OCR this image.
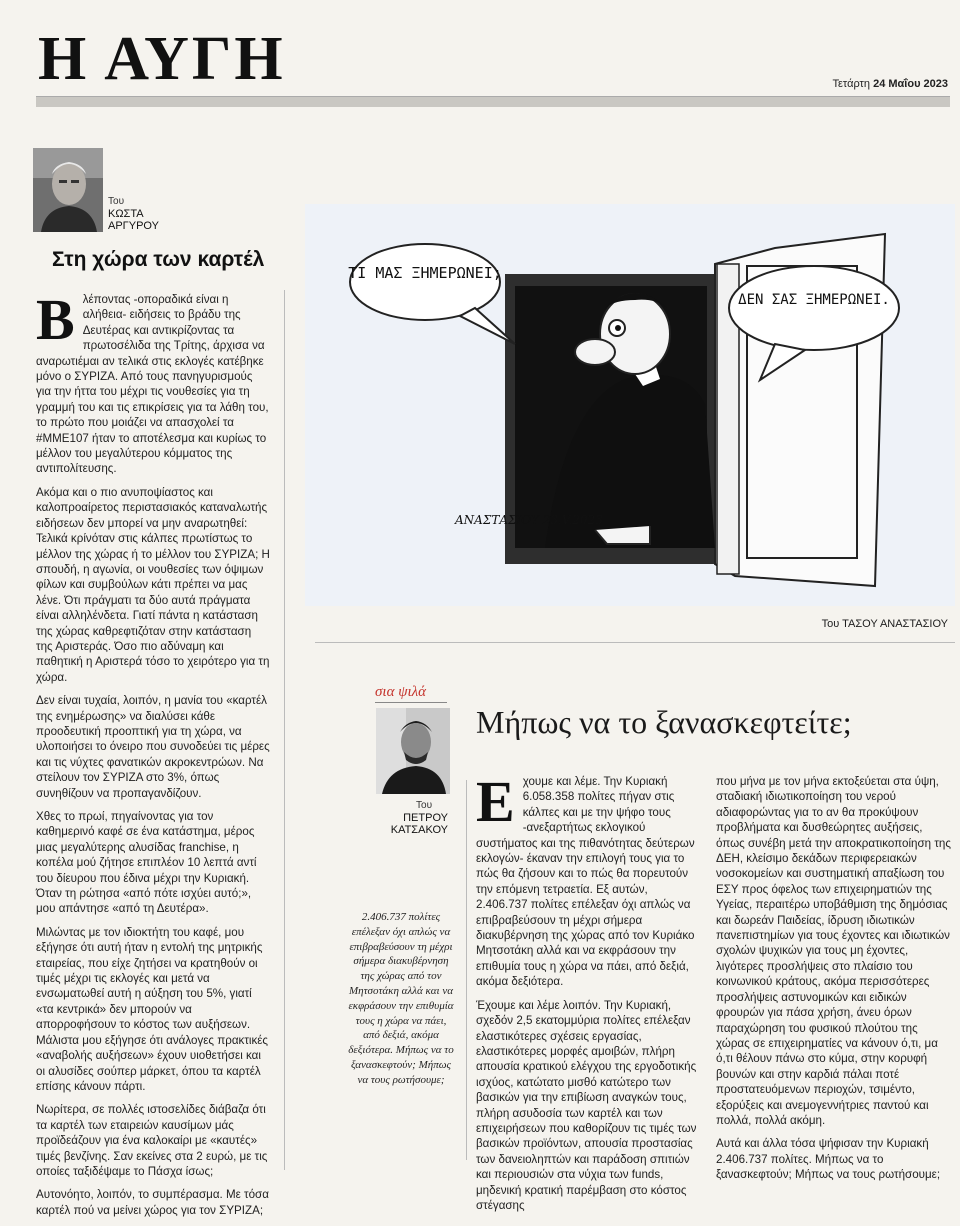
Η ΑΥΓΗ	Τετάρτη 24 Μαΐου 2023
Του
ΚΩΣΤΑ ΑΡΓΥΡΟΥ
Στη χώρα των καρτέλ

Βλέποντας -οποραδικά είναι η αλήθεια- ειδήσεις το βράδυ της Δευτέρας και αντικρίζοντας τα πρωτοσέλιδα της Τρίτης, άρχισα να αναρωτιέμαι αν τελικά στις εκλογές κατέβηκε μόνο ο ΣΥΡΙΖΑ. Από τους πανηγυρισμούς για την ήττα του μέχρι τις νουθεσίες για τη γραμμή του και τις επικρίσεις για τα λάθη του, το πρώτο που μοιάζει να απασχολεί τα #ΜΜΕ107 ήταν το αποτέλεσμα και κυρίως το μέλλον του μεγαλύτερου κόμματος της αντιπολίτευσης.

Ακόμα και ο πιο ανυποψίαστος και καλοπροαίρετος περιστασιακός καταναλωτής ειδήσεων δεν μπορεί να μην αναρωτηθεί: Τελικά κρίνόταν στις κάλπες πρωτίστως το μέλλον της χώρας ή το μέλλον του ΣΥΡΙΖΑ; Η σπουδή, η αγωνία, οι νουθεσίες των όψιμων φίλων και συμβούλων κάτι πρέπει να μας λένε. Ότι πράγματι τα δύο αυτά πράγματα είναι αλληλένδετα. Γιατί πάντα η κατάσταση της χώρας καθρεφτιζόταν στην κατάσταση της Αριστεράς. Όσο πιο αδύναμη και παθητική η Αριστερά τόσο το χειρότερο για τη χώρα.

Δεν είναι τυχαία, λοιπόν, η μανία του «καρτέλ της ενημέρωσης» να διαλύσει κάθε προοδευτική προοπτική για τη χώρα, να υλοποιήσει το όνειρο που συνοδεύει τις μέρες και τις νύχτες φανατικών ακροκεντρώων. Να στείλουν τον ΣΥΡΙΖΑ στο 3%, όπως συνηθίζουν να προπαγανδίζουν.

Χθες το πρωί, πηγαίνοντας για τον καθημερινό καφέ σε ένα κατάστημα, μέρος μιας μεγαλύτερης αλυσίδας franchise, η κοπέλα μού ζήτησε επιπλέον 10 λεπτά αντί του δίευρου που έδινα μέχρι την Κυριακή. Όταν τη ρώτησα «από πότε ισχύει αυτό;», μου απάντησε «από τη Δευτέρα».

Μιλώντας με τον ιδιοκτήτη του καφέ, μου εξήγησε ότι αυτή ήταν η εντολή της μητρικής εταιρείας, που είχε ζητήσει να κρατηθούν οι τιμές μέχρι τις εκλογές και μετά να ενσωματωθεί αυτή η αύξηση του 5%, γιατί «τα κεντρικά» δεν μπορούν να απορροφήσουν το κόστος των αυξήσεων. Μάλιστα μου εξήγησε ότι ανάλογες πρακτικές «αναβολής αυξήσεων» έχουν υιοθετήσει και οι αλυσίδες σούπερ μάρκετ, όπου τα καρτέλ επίσης κάνουν πάρτι.

Νωρίτερα, σε πολλές ιστοσελίδες διάβαζα ότι τα καρτέλ των εταιρειών καυσίμων μάς προϊδεάζουν για ένα καλοκαίρι με «καυτές» τιμές βενζίνης. Σαν εκείνες στα 2 ευρώ, με τις οποίες ταξιδέψαμε το Πάσχα ίσως;

Αυτονόητο, λοιπόν, το συμπέρασμα. Με τόσα καρτέλ πού να μείνει χώρος για τον ΣΥΡΙΖΑ;

ΤΙ ΜΑΣ ΞΗΜΕΡΩΝΕΙ;
ΔΕΝ ΣΑΣ ΞΗΜΕΡΩΝΕΙ.
ΑΝΑΣΤΑΣΙΟΥ 23.V.2023
Του ΤΑΣΟΥ ΑΝΑΣΤΑΣΙΟΥ
σια ψιλά
Του
ΠΕΤΡΟΥ ΚΑΤΣΑΚΟΥ
Μήπως να το ξανασκεφτείτε;
2.406.737 πολίτες επέλεξαν όχι απλώς να επιβραβεύσουν τη μέχρι σήμερα διακυβέρνηση της χώρας από τον Μητσοτάκη αλλά και να εκφράσουν την επιθυμία τους η χώρα να πάει, από δεξιά, ακόμα δεξιότερα. Μήπως να το ξανασκεφτούν; Μήπως να τους ρωτήσουμε;

Εχουμε και λέμε. Την Κυριακή 6.058.358 πολίτες πήγαν στις κάλπες και με την ψήφο τους -ανεξαρτήτως εκλογικού συστήματος και της πιθανότητας δεύτερων εκλογών- έκαναν την επιλογή τους για το πώς θα ζήσουν και το πώς θα πορευτούν την επόμενη τετραετία. Εξ αυτών, 2.406.737 πολίτες επέλεξαν όχι απλώς να επιβραβεύσουν τη μέχρι σήμερα διακυβέρνηση της χώρας από τον Κυριάκο Μητσοτάκη αλλά και να εκφράσουν την επιθυμία τους η χώρα να πάει, από δεξιά, ακόμα δεξιότερα.

Έχουμε και λέμε λοιπόν. Την Κυριακή, σχεδόν 2,5 εκατομμύρια πολίτες επέλεξαν ελαστικότερες σχέσεις εργασίας, ελαστικότερες μορφές αμοιβών, πλήρη απουσία κρατικού ελέγχου της εργοδοτικής ισχύος, κατώτατο μισθό κατώτερο των βασικών για την επιβίωση αναγκών τους, πλήρη ασυδοσία των καρτέλ και των επιχειρήσεων που καθορίζουν τις τιμές των βασικών προϊόντων, απουσία προστασίας των δανειοληπτών και παράδοση σπιτιών και περιουσιών στα νύχια των funds, μηδενική κρατική παρέμβαση στο κόστος στέγασης

που μήνα με τον μήνα εκτοξεύεται στα ύψη, σταδιακή ιδιωτικοποίηση του νερού αδιαφορώντας για το αν θα προκύψουν προβλήματα και δυσθεώρητες αυξήσεις, όπως συνέβη μετά την αποκρατικοποίηση της ΔΕΗ, κλείσιμο δεκάδων περιφερειακών νοσοκομείων και συστηματική απαξίωση του ΕΣΥ προς όφελος των επιχειρηματιών της Υγείας, περαιτέρω υποβάθμιση της δημόσιας και δωρεάν Παιδείας, ίδρυση ιδιωτικών πανεπιστημίων για τους έχοντες και ιδιωτικών σχολών ψυχικών για τους μη έχοντες, λιγότερες προσλήψεις στο πλαίσιο του κοινωνικού κράτους, ακόμα περισσότερες προσλήψεις αστυνομικών και ειδικών φρουρών για πάσα χρήση, άνευ όρων παραχώρηση του φυσικού πλούτου της χώρας σε επιχειρηματίες να κάνουν ό,τι, μα ό,τι θέλουν πάνω στο κύμα, στην κορυφή βουνών και στην καρδιά πάλαι ποτέ προστατευόμενων περιοχών, τσιμέντο, εξορύξεις και ανεμογεννήτριες παντού και πολλά, πολλά ακόμη.

Αυτά και άλλα τόσα ψήφισαν την Κυριακή 2.406.737 πολίτες. Μήπως να το ξανασκεφτούν; Μήπως να τους ρωτήσουμε;
